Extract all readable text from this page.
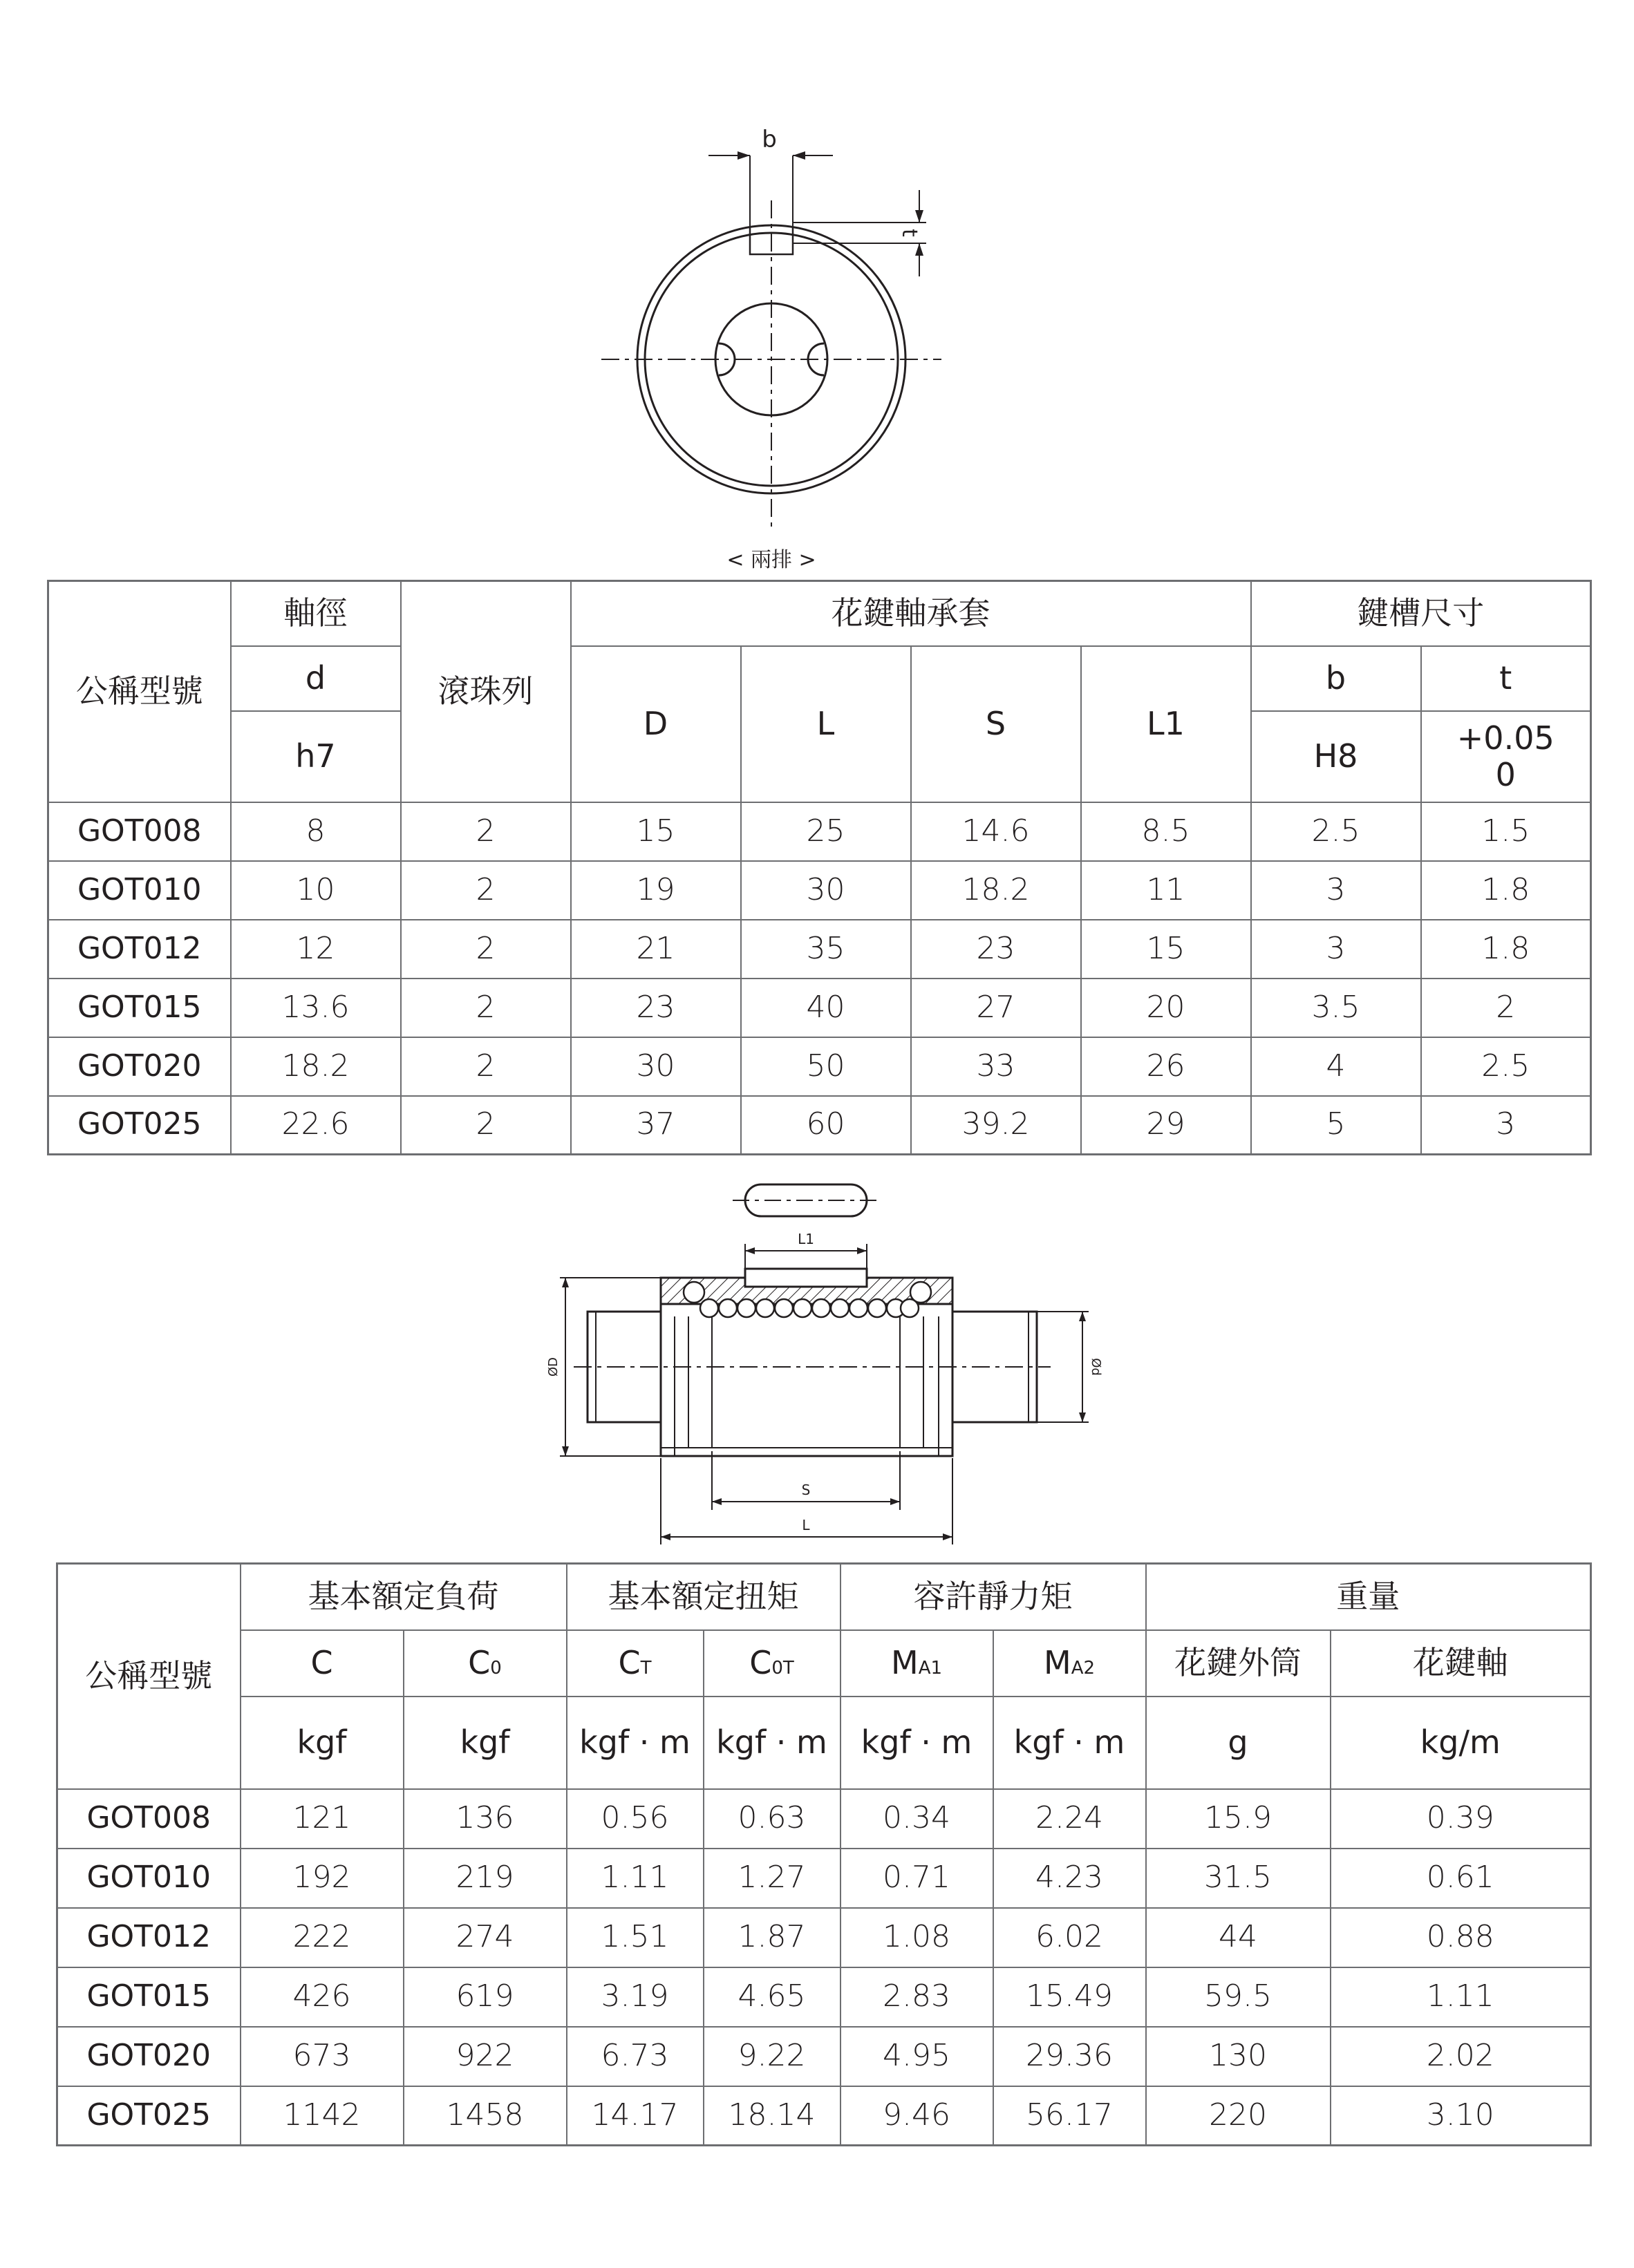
b
t
< 兩排 >
公稱型號	軸徑	滾珠列	花鍵軸承套				鍵槽尺寸	
	d		D	L	S	L1	b	t
	h7						H8	+0.05
0

GOT008	8	2	15	25	14.6	8.5	2.5	1.5
GOT010	10	2	19	30	18.2	11	3	1.8
GOT012	12	2	21	35	23	15	3	1.8
GOT015	13.6	2	23	40	27	20	3.5	2
GOT020	18.2	2	30	50	33	26	4	2.5
GOT025	22.6	2	37	60	39.2	29	5	3
L1
S
L
ØD	Ød
公稱型號	基本額定負荷		基本額定扭矩		容許靜力矩		重量	
	C	C0	CT	C0T	MA1	MA2	花鍵外筒	花鍵軸
	kgf	kgf	kgf · m	kgf · m	kgf · m	kgf · m	g	kg/m
GOT008	121	136	0.56	0.63	0.34	2.24	15.9	0.39
GOT010	192	219	1.11	1.27	0.71	4.23	31.5	0.61
GOT012	222	274	1.51	1.87	1.08	6.02	44	0.88
GOT015	426	619	3.19	4.65	2.83	15.49	59.5	1.11
GOT020	673	922	6.73	9.22	4.95	29.36	130	2.02
GOT025	1142	1458	14.17	18.14	9.46	56.17	220	3.10
